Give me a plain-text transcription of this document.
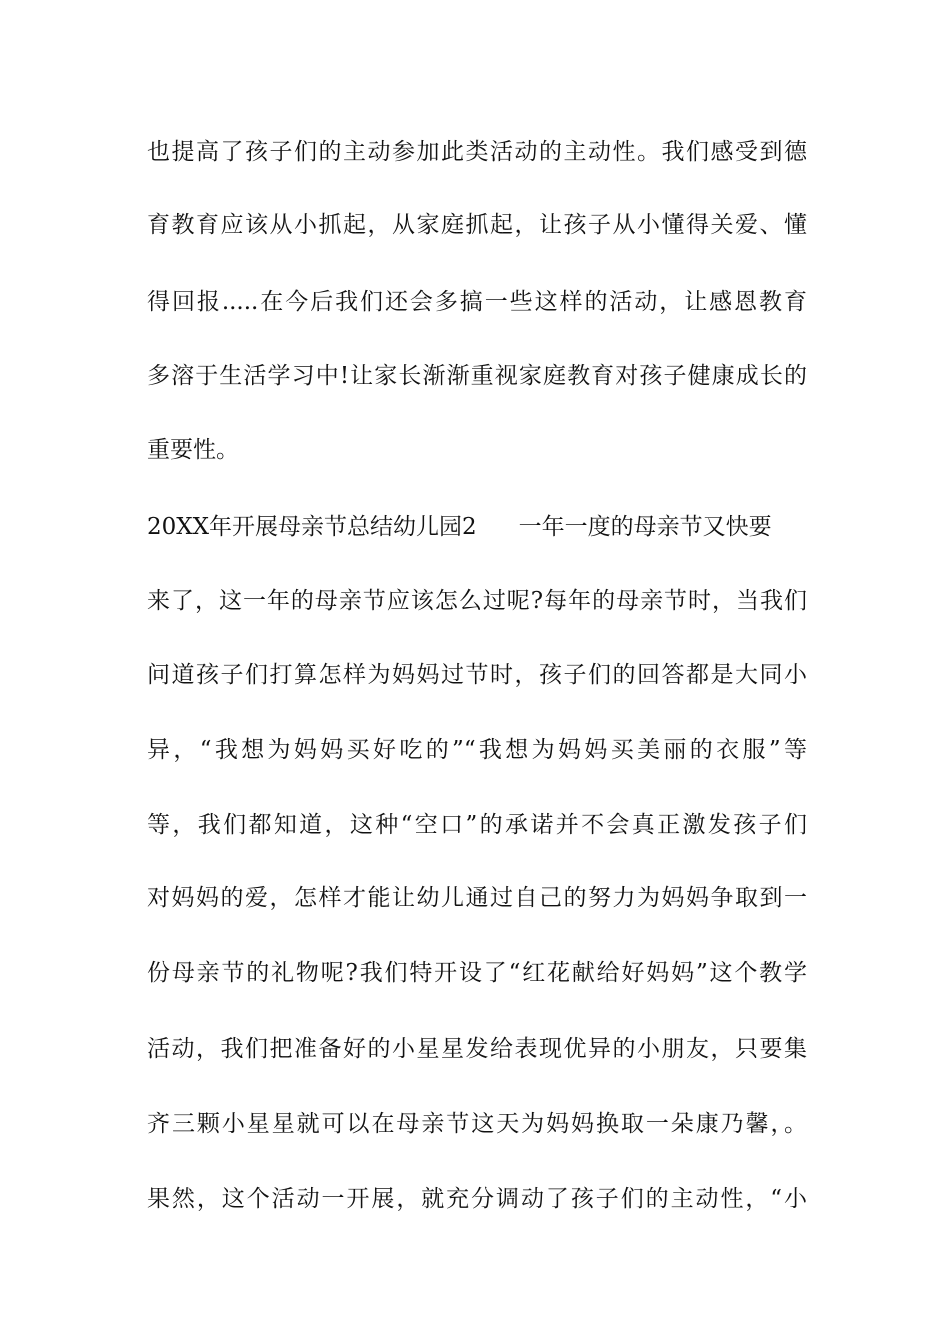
也提高了孩子们的主动参加此类活动的主动性。我们感受到德
育教育应该从小抓起，从家庭抓起，让孩子从小懂得关爱、懂
得回报.....在今后我们还会多搞一些这样的活动，让感恩教育
多溶于生活学习中!让家长渐渐重视家庭教育对孩子健康成长的
重要性。
20XX年开展母亲节总结幼儿园2 一年一度的母亲节又快要
来了，这一年的母亲节应该怎么过呢?每年的母亲节时，当我们
问道孩子们打算怎样为妈妈过节时，孩子们的回答都是大同小
异，“我想为妈妈买好吃的”“我想为妈妈买美丽的衣服”等
等，我们都知道，这种“空口”的承诺并不会真正激发孩子们
对妈妈的爱，怎样才能让幼儿通过自己的努力为妈妈争取到一
份母亲节的礼物呢?我们特开设了“红花献给好妈妈”这个教学
活动，我们把准备好的小星星发给表现优异的小朋友，只要集
齐三颗小星星就可以在母亲节这天为妈妈换取一朵康乃馨，。
果然，这个活动一开展，就充分调动了孩子们的主动性，“小
